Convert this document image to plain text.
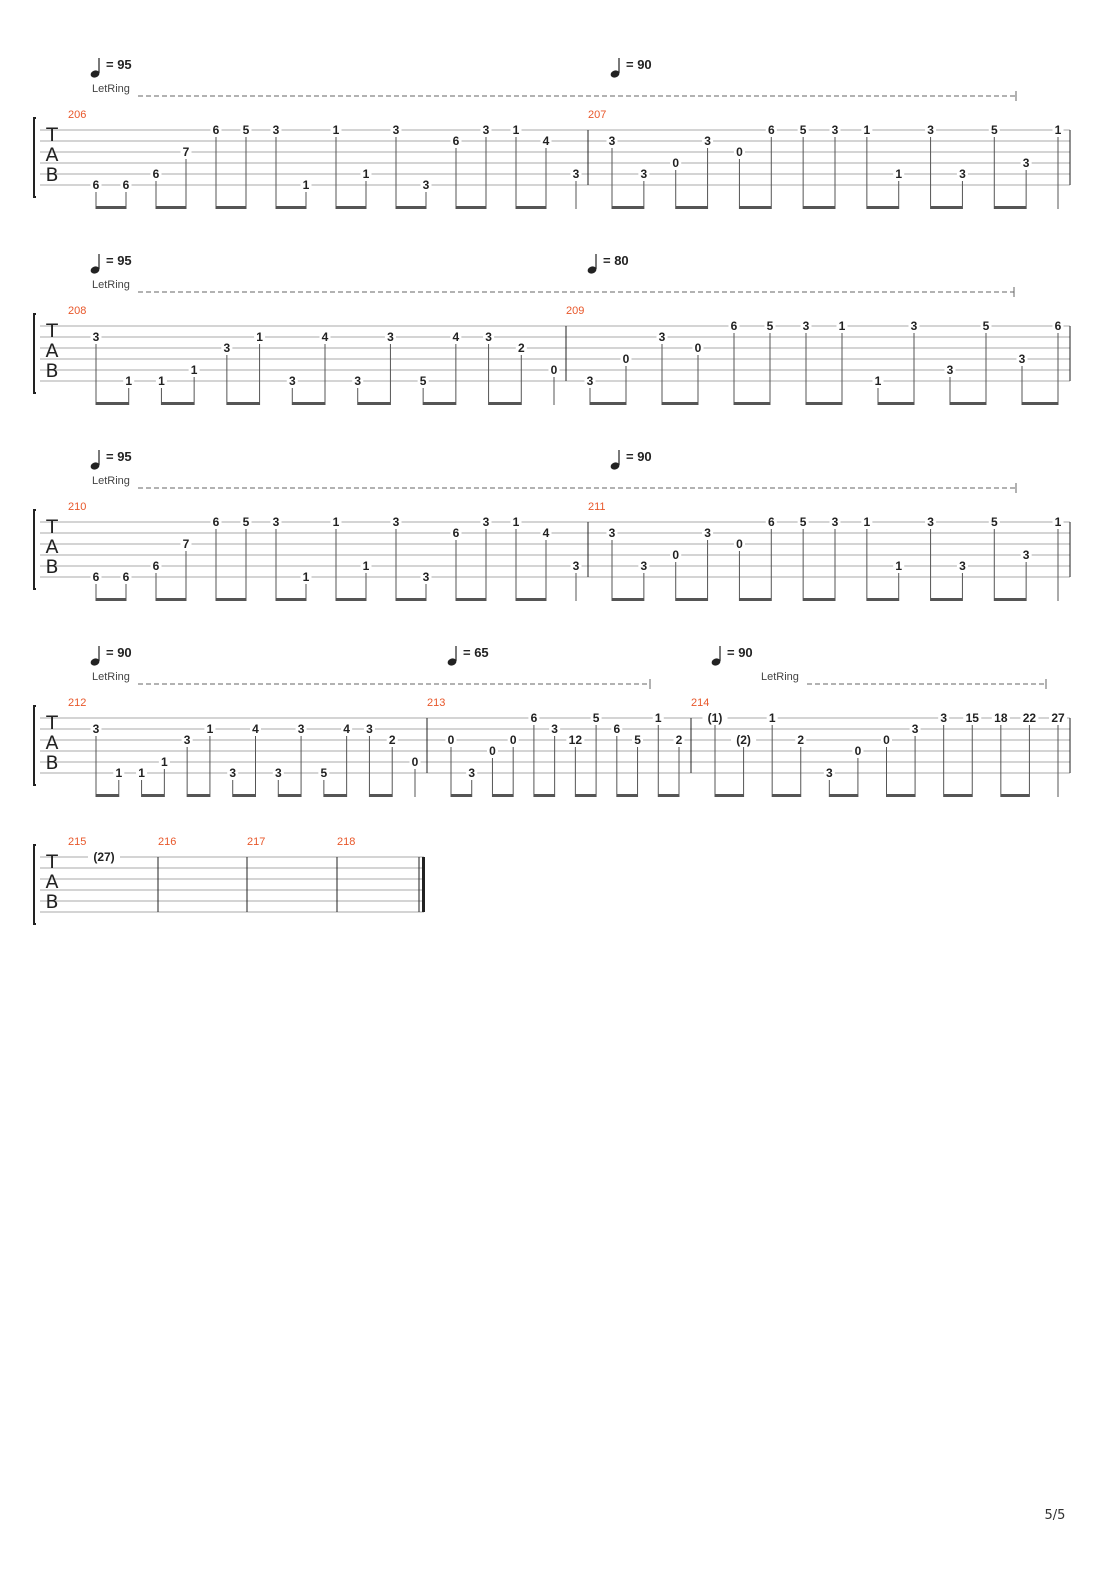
T
A
B
= 95
LetRing
= 90
206
6 6
6
7
6 5 3
1
1
1
3
3
6
3 1
4
3
207
3
3
0
3
0
6 5 3 1
1
3
3
5
3
1
T
A
B
= 95
LetRing
= 80
208
3
1 1
1
3
1
3
4
3
3
5
4 3
2
0
209
3
0
3
0
6 5 3 1
1
3
3
5
3
6
T
A
B
= 95
LetRing
= 90
210
6 6
6
7
6 5 3
1
1
1
3
3
6
3 1
4
3
211
3
3
0
3
0
6 5 3 1
1
3
3
5
3
1
T
A
B
= 90
LetRing
= 65	= 90
LetRing
212
3
1 1
1
3
1
3
4
3
3
5
4 3
2
0
213
0
3
0
0
6
3
12
5
6
5
1
2
214
(1)
(2)
1
2
3
0
0
3
3 15 18 22 27
T
A
B
215
(27)
216	217	218
5/5
